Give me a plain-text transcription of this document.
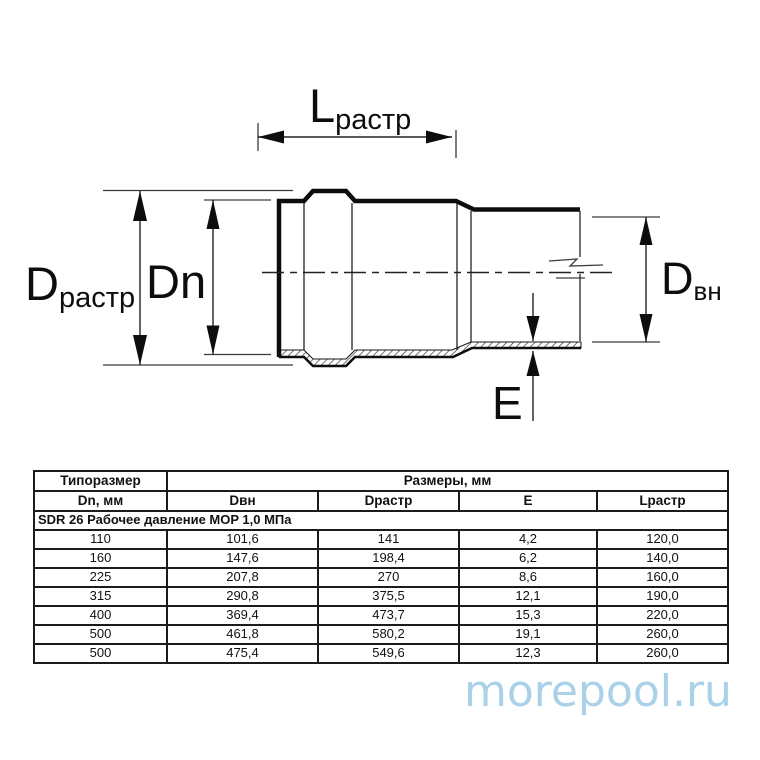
Lрастр
Dрастр Dn	Dвн
E
Типоразмер	Размеры, мм			
Dn, мм	Dвн	Dрастр	E	Lрастр
SDR 26 Рабочее давление MOP 1,0 МПа				
110	101,6	141	4,2	120,0
160	147,6	198,4	6,2	140,0
225	207,8	270	8,6	160,0
315	290,8	375,5	12,1	190,0
400	369,4	473,7	15,3	220,0
500	461,8	580,2	19,1	260,0
500	475,4	549,6	12,3	260,0
morepool.ru
